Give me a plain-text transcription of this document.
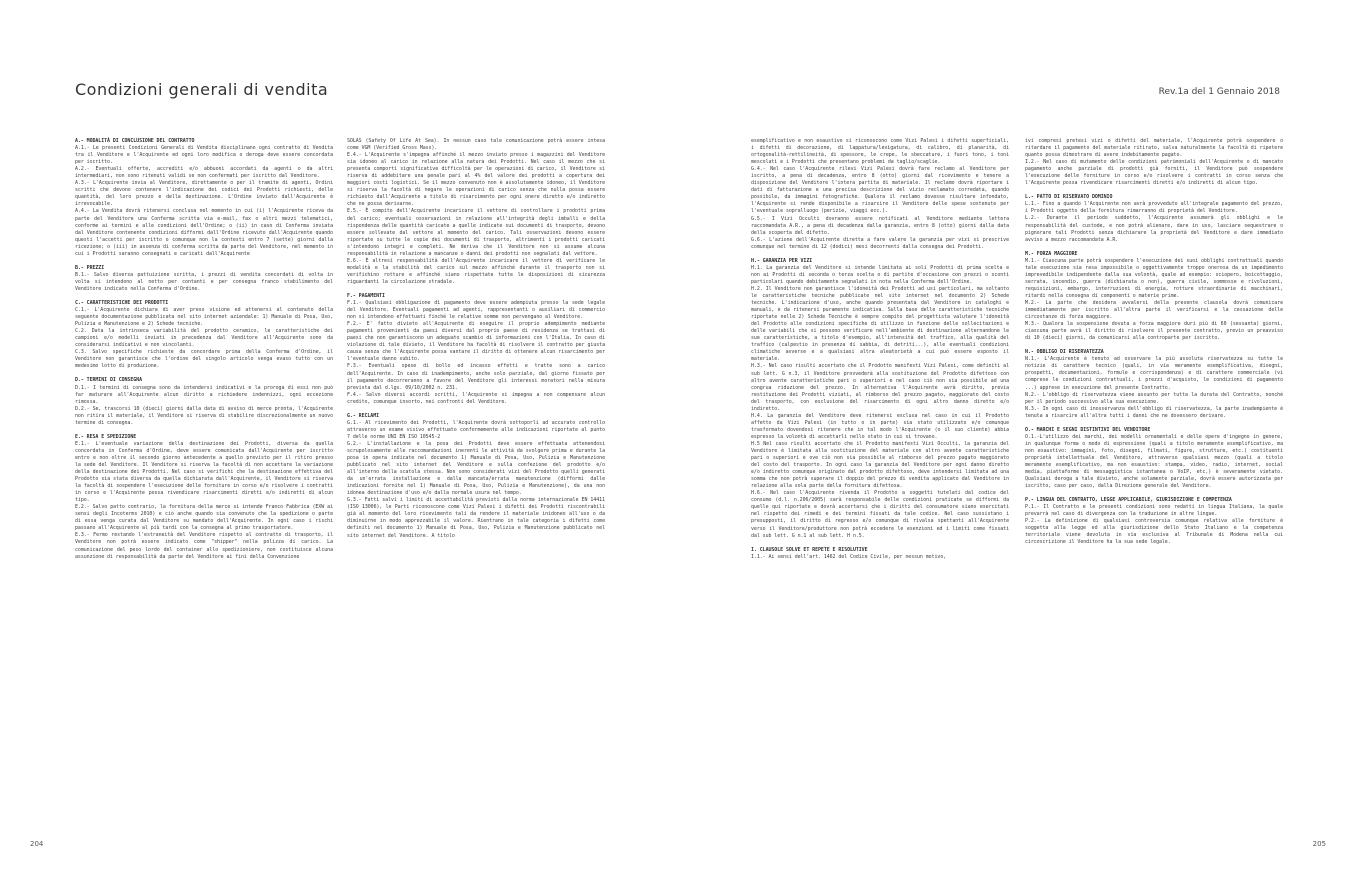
Condizioni generali di vendita	Rev.1a del 1 Gennaio 2018

A.- MODALITÀ DI CONCLUSIONE DEL CONTRATTO

A.1.- Le presenti Condizioni Generali di Vendita disciplinano ogni contratto di Vendita tra il Venditore e l'Acquirente ed ogni loro modifica o deroga deve essere concordata per iscritto.

A.2.- Eventuali offerte, accrediti e/o abbuoni accordati da agenti o da altri intermediari, non sono ritenuti validi se non confermati per iscritto dal Venditore.

A.3.- L'Acquirente invia al Venditore, direttamente o per il tramite di agenti, Ordini scritti che devono contenere l'indicazione dei codici dei Prodotti richiesti, delle quantità, del loro prezzo e della destinazione. L'Ordine inviato dall'Acquirente è irrevocabile.

A.4.- La Vendita dovrà ritenersi conclusa nel momento in cui (i) l'Acquirente riceva da parte del Venditore una Conferma scritta via e-mail, fax o altri mezzi telematici, conforme ai termini e alle condizioni dell'Ordine; o (ii) in caso di Conferma inviata dal Venditore contenente condizioni difformi dall'Ordine ricevuto dall'Acquirente quando questi l'accetti per iscritto o comunque non la contesti entro 7 (sette) giorni dalla ricezione; o (iii) in assenza di conferma scritta da parte del Venditore, nel momento in cui i Prodotti saranno consegnati e caricati dall'Acquirente

B.- PREZZI

B.1.- Salvo diversa pattuizione scritta, i prezzi di vendita concordati di volta in volta si intendono al netto per contanti e per consegna franco stabilimento del Venditore indicato nella Conferma d'Ordine.

C.- CARATTERISTICHE DEI PRODOTTI

C.1.- L'Acquirente dichiara di aver preso visione ed attenersi al contenuto della seguente documentazione pubblicata nel sito internet aziendale: 1) Manuale di Posa, Uso, Pulizia e Manutenzione e 2) Schede tecniche.

C.2. Data la intrinseca variabilità del prodotto ceramico, le caratteristiche dei campioni e/o modelli inviati in precedenza dal Venditore all'Acquirente sono da considerarsi indicativi e non vincolanti.

C.3. Salvo specifiche richieste da concordare prima della Conferma d'Ordine, il Venditore non garantisce che l'ordine del singolo articolo venga evaso tutto con un medesimo lotto di produzione.

D.- TERMINI DI CONSEGNA

D.1.- I termini di consegna sono da intendersi indicativi e la proroga di essi non può far maturare all'Acquirente alcun diritto a richiedere indennizzi, ogni eccezione rimossa.

D.2.- Se, trascorsi 10 (dieci) giorni dalla data di avviso di merce pronta, l'Acquirente non ritira il materiale, il Venditore si riserva di stabilire discrezionalmente un nuovo termine di consegna.

E.- RESA E SPEDIZIONE

E.1.- L'eventuale variazione della destinazione dei Prodotti, diversa da quella concordata in Conferma d'Ordine, deve essere comunicata dall'Acquirente per iscritto entro e non oltre il secondo giorno antecedente a quello previsto per il ritiro presso la sede del Venditore. Il Venditore si riserva la facoltà di non accettare la variazione della destinazione dei Prodotti. Nel caso si verifichi che la destinazione effettiva del Prodotto sia stata diversa da quella dichiarata dall'Acquirente, il Venditore si riserva la facoltà di sospendere l'esecuzione delle forniture in corso e/o risolvere i contratti in corso e l'Acquirente possa rivendicare risarcimenti diretti e/o indiretti di alcun tipo.

E.2.- Salvo patto contrario, la fornitura della merce si intende Franco Fabbrica (EXW ai sensi degli Incoterms 2010) e ciò anche quando sia convenuto che la spedizione o parte di essa venga curata dal Venditore su mandato dell'Acquirente. In ogni caso i rischi passano all'Acquirente al più tardi con la consegna al primo trasportatore.

E.3.- Fermo restando l'estraneità del Venditore rispetto al contratto di trasporto, il Venditore non potrà essere indicato come "shipper" nella polizza di carico. La comunicazione del peso lordo del container allo spedizioniere, non costituisce alcuna assunzione di responsabilità da parte del Venditore ai fini della Convenzione

SOLAS (Safety Of Life At Sea). In nessun caso tale comunicazione potrà essere intesa come VGM (Verified Gross Mass).

E.4.- L'Acquirente s'impegna affinché il mezzo inviato presso i magazzini del Venditore sia idoneo al carico in relazione alla natura dei Prodotti. Nel caso il mezzo che si presenta comporti significative difficoltà per le operazioni di carico, il Venditore si riserva di addebitare una penale pari al 4% del valore dei prodotti a copertura dei maggiori costi logistici. Se il mezzo convenuto non è assolutamente idoneo, il Venditore si riserva la facoltà di negare le operazioni di carico senza che nulla possa essere richiesto dall'Acquirente a titolo di risarcimento per ogni onere diretto e/o indiretto che ne possa derivarne.

E.5.- È compito dell'Acquirente incaricare il vettore di controllare i prodotti prima del carico; eventuali osservazioni in relazione all'integrità degli imballi e della rispondenza delle quantità caricate a quelle indicate sui documenti di trasporto, devono essere sollevate dal vettore al momento del carico. Tali osservazioni devono essere riportate su tutte le copie dei documenti di trasporto, altrimenti i prodotti caricati s'intendono integri e completi. Ne deriva che il Venditore non si assume alcuna responsabilità in relazione a mancanze o danni dei prodotti non segnalati dal vettore.

E.6.- È altresì responsabilità dell'Acquirente incaricare il vettore di verificare le modalità e la stabilità del carico sul mezzo affinché durante il trasporto non si verifichino rotture e affinché siano rispettate tutte le disposizioni di sicurezza riguardanti la circolazione stradale.

F.- PAGAMENTI

F.1.- Qualsiasi obbligazione di pagamento deve essere adempiuta presso la sede legale del Venditore. Eventuali pagamenti ad agenti, rappresentanti o ausiliari di commercio non si intendono effettuati finché le relative somme non pervengano al Venditore.

F.2.- E' fatto divieto all'Acquirente di eseguire il proprio adempimento mediante pagamenti provenienti da paesi diversi dal proprio paese di residenza se trattasi di paesi che non garantiscono un adeguato scambio di informazioni con l'Italia. In caso di violazione di tale divieto, il Venditore ha facoltà di risolvere il contratto per giusta causa senza che l'Acquirente possa vantare il diritto di ottenere alcun risarcimento per l'eventuale danno subito.

F.3.- Eventuali spese di bollo ed incasso effetti e tratte sono a carico dell'Acquirente. In caso di inadempimento, anche solo parziale, dal giorno fissato per il pagamento decorreranno a favore del Venditore gli interessi moratori nella misura prevista dal d.lgs. 09/10/2002 n. 231.

F.4.- Salvo diversi accordi scritti, l'Acquirente si impegna a non compensare alcun credito, comunque insorto, nei confronti del Venditore.

G.- RECLAMI

G.1.- Al ricevimento dei Prodotti, l'Acquirente dovrà sottoporli ad accurato controllo attraverso un esame visivo effettuato conformemente alle indicazioni riportate al punto 7 delle norme UNI EN ISO 10545-2

G.2.- L'installazione e la posa dei Prodotti deve essere effettuata attenendosi scrupolosamente alle raccomandazioni inerenti le attività da svolgere prima e durante la posa in opera indicate nel documento 1) Manuale di Posa, Uso, Pulizia e Manutenzione pubblicato nel sito internet del Venditore e sulla confezione del prodotto e/o all'interno della scatola stessa. Non sono considerati vizi del Prodotto quelli generati da un'errata installazione e dalla mancata/errata manutenzione (difformi dalle indicazioni fornite nel 1) Manuale di Posa, Uso, Pulizia e Manutenzione), da una non idonea destinazione d'uso e/o dalla normale usura nel tempo.

G.3.- Fatti salvi i limiti di accettabilità previsti dalla norma internazionale EN 14411 (ISO 13006), le Parti riconoscono come Vizi Palesi i difetti dei Prodotti riscontrabili già al momento del loro ricevimento tali da rendere il materiale inidoneo all'uso o da diminuirne in modo apprezzabile il valore. Rientrano in tale categoria i difetti come definiti nel documento 1) Manuale di Posa, Uso, Pulizia e Manutenzione pubblicato nel sito internet del Venditore. A titolo

esemplificativo e non esaustivo si riconoscono come Vizi Palesi i difetti superficiali, i difetti di decorazione, di lappatura/levigatura, di calibro, di planarità, di ortogonalità-rettilineità, di spessore, le crepe, le sbeccature, i fuori tono, i toni mescolati e i Prodotti che presentano problemi da taglio/scaglie.

G.4.- Nel caso l'Acquirente rilevi Vizi Palesi dovrà fare reclamo al Venditore per iscritto, a pena di decadenza, entro 8 (otto) giorni dal ricevimento e tenere a disposizione del Venditore l'intera partita di materiale. Il reclamo dovrà riportare i dati di fatturazione e una precisa descrizione del vizio reclamato corredata, quando possibile, da immagini fotografiche. Qualora il reclamo dovesse risultare infondato, l'Acquirente si rende disponibile a risarcire il Venditore delle spese sostenute per l'eventuale sopralluogo (perizie, viaggi ecc.).

G.5.- I Vizi Occulti dovranno essere notificati al Venditore mediante lettera raccomandata A.R., a pena di decadenza dalla garanzia, entro 8 (otto) giorni dalla data della scoperta del difetto.

G.6.- L'azione dell'Acquirente diretta a fare valere la garanzia per vizi si prescrive comunque nel termine di 12 (dodici) mesi decorrenti dalla consegna dei Prodotti.

H.- GARANZIA PER VIZI

H.1. La garanzia del Venditore si intende limitata ai soli Prodotti di prima scelta e non ai Prodotti di seconda o terza scelta o di partite d'occasione con prezzi o sconti particolari quando debitamente segnalati in nota nella Conferma dell'Ordine.

H.2. Il Venditore non garantisce l'idoneità dei Prodotti ad usi particolari, ma soltanto le caratteristiche tecniche pubblicate nel sito internet nel documento 2) Schede tecniche. L'indicazione d'uso, anche quando presentata dal Venditore in cataloghi e manuali, è da ritenersi puramente indicativa. Sulla base delle caratteristiche tecniche riportate nelle 2) Schede Tecniche è sempre compito del progettista valutare l'idoneità del Prodotto alle condizioni specifiche di utilizzo in funzione delle sollecitazioni e delle variabili che si possono verificare nell'ambiente di destinazione alternandone le sue caratteristiche, a titolo d'esempio, all'intensità del traffico, alla qualità del traffico (calpestio in presenza di sabbia, di detriti...), alle eventuali condizioni climatiche avverse e a qualsiasi altra aleatorietà a cui può essere esposto il materiale.

H.3.- Nel caso risulti accertato che il Prodotto manifesti Vizi Palesi, come definiti al sub lett. G n.3, il Venditore provvederà alla sostituzione del Prodotto difettoso con altro avente caratteristiche pari o superiori e nel caso ciò non sia possibile ad una congrua riduzione del prezzo. In alternativa l'Acquirente avrà diritto, previa restituzione dei Prodotti viziati, al rimborso del prezzo pagato, maggiorato del costo del trasporto, con esclusione del risarcimento di ogni altro danno diretto e/o indiretto.

H.4. La garanzia del Venditore deve ritenersi esclusa nel caso in cui il Prodotto affetto da Vizi Palesi (in tutto o in parte) sia stato utilizzato e/o comunque trasformato dovendosi ritenere che in tal modo l'Acquirente (o il suo cliente) abbia espresso la volontà di accettarli nello stato in cui si trovano.

H.5 Nel caso risulti accertato che il Prodotto manifesti Vizi Occulti, la garanzia del Venditore è limitata alla sostituzione del materiale con altro avente caratteristiche pari o superiori e ove ciò non sia possibile al rimborso del prezzo pagato maggiorato del costo del trasporto. In ogni caso la garanzia del Venditore per ogni danno diretto e/o indiretto comunque originato dal prodotto difettoso, deve intendersi limitata ad una somma che non potrà superare il doppio del prezzo di vendita applicato dal Venditore in relazione alla sola parte della fornitura difettosa.

H.6.- Nel caso l'Acquirente rivenda il Prodotto a soggetti tutelati dal codice del consumo (d.l. n.206/2005) sarà responsabile delle condizioni praticate se difformi da quelle qui riportate e dovrà accertarsi che i diritti del consumatore siano esercitati nel rispetto dei rimedi e dei termini fissati da tale codice. Nel caso sussistano i presupposti, il diritto di regresso e/o comunque di rivalsa spettanti all'Acquirente verso il Venditore/produttore non potrà eccedere le esenzioni ed i limiti come fissati dal sub lett. G n.1 al sub lett. H n.5.

I. CLAUSOLE SOLVE ET REPETE E RISOLUTIVE

I.1.- Ai sensi dell'art. 1462 del Codice Civile, per nessun motivo,

ivi compresi pretesi vizi o difetti del materiale, l'Acquirente potrà sospendere o ritardare il pagamento del materiale ritirato, salva naturalmente la facoltà di ripetere quanto possa dimostrare di avere indebitamente pagato.

I.2.- Nel caso di mutamento delle condizioni patrimoniali dell'Acquirente o di mancato pagamento anche parziale di prodotti già forniti, il Venditore può sospendere l'esecuzione delle forniture in corso e/o risolvere i contratti in corso senza che l'Acquirente possa rivendicare risarcimenti diretti e/o indiretti di alcun tipo.

L.- PATTO DI RISERVATO DOMINIO

L.1.- Fino a quando l'Acquirente non avrà provveduto all'integrale pagamento del prezzo, i Prodotti oggetto della fornitura rimarranno di proprietà del Venditore.

L.2.- Durante il periodo suddetto, l'Acquirente assumerà gli obblighi e le responsabilità del custode, e non potrà alienare, dare in uso, lasciare sequestrare o pignorare tali Prodotti senza dichiarare la proprietà del Venditore e dare immediato avviso a mezzo raccomandata A.R.

M.- FORZA MAGGIORE

M.1.- Ciascuna parte potrà sospendere l'esecuzione dei suoi obblighi contrattuali quando tale esecuzione sia resa impossibile o oggettivamente troppo onerosa da un impedimento imprevedibile indipendente dalla sua volontà, quale ad esempio: sciopero, boicottaggio, serrata, incendio, guerra (dichiarata o non), guerra civile, sommosse e rivoluzioni, requisizioni, embargo, interruzioni di energia, rotture straordinarie di macchinari, ritardi nella consegna di componenti o materie prime.

M.2.- La parte che desidera avvalersi della presente clausola dovrà comunicare immediatamente per iscritto all'altra parte il verificarsi e la cessazione delle circostanze di forza maggiore.

M.3.- Qualora la sospensione dovuta a forza maggiore duri più di 60 (sessanta) giorni, ciascuna parte avrà il diritto di risolvere il presente contratto, previo un preavviso di 10 (dieci) giorni, da comunicarsi alla controparte per iscritto.

N.- OBBLIGO DI RISERVATEZZA

N.1.- L'Acquirente è tenuto ad osservare la più assoluta riservatezza su tutte le notizie di carattere tecnico (quali, in via meramente esemplificativa, disegni, prospetti, documentazioni, formule e corrispondenza) e di carattere commerciale (vi comprese le condizioni contrattuali, i prezzi d'acquisto, le condizioni di pagamento ...) apprese in esecuzione del presente Contratto.

N.2.- L'obbligo di riservatezza viene assunto per tutta la durata del Contratto, nonché per il periodo successivo alla sua esecuzione.

N.3.- In ogni caso di inosservanza dell'obbligo di riservatezza, la parte inadempiente è tenuta a risarcire all'altra tutti i danni che ne dovessero derivare.

O.- MARCHI E SEGNI DISTINTIVI DEL VENDITORE

O.1.-L'utilizzo dei marchi, dei modelli ornamentali e delle opere d'ingegno in genere, in qualunque forma o modo di espressione (quali a titolo meramente esemplificativo, ma non esaustivo: immagini, foto, disegni, filmati, figure, strutture, etc.) costituenti proprietà intellettuale del Venditore, attraverso qualsiasi mezzo (quali a titolo meramente esemplificativo, ma non esaustivo: stampa, video, radio, internet, social media, piattaforme di messaggistica istantanea o VoIP, etc.) è severamente vietato. Qualsiasi deroga a tale divieto, anche solamente parziale, dovrà essere autorizzata per iscritto, caso per caso, dalla Direzione generale del Venditore.

P.- LINGUA DEL CONTRATTO, LEGGE APPLICABILE, GIURISDIZIONE E COMPETENZA

P.1.- Il Contratto e le presenti condizioni sono redatti in lingua Italiana, la quale prevarrà nel caso di divergenza con la traduzione in altre lingue.

P.2.- La definizione di qualsiasi controversia comunque relativa alle forniture è soggetta alla legge ed alla giurisdizione dello Stato Italiano e la competenza territoriale viene devoluta in via esclusiva al Tribunale di Modena nella cui circoscrizione il Venditore ha la sua sede legale.

204	205
